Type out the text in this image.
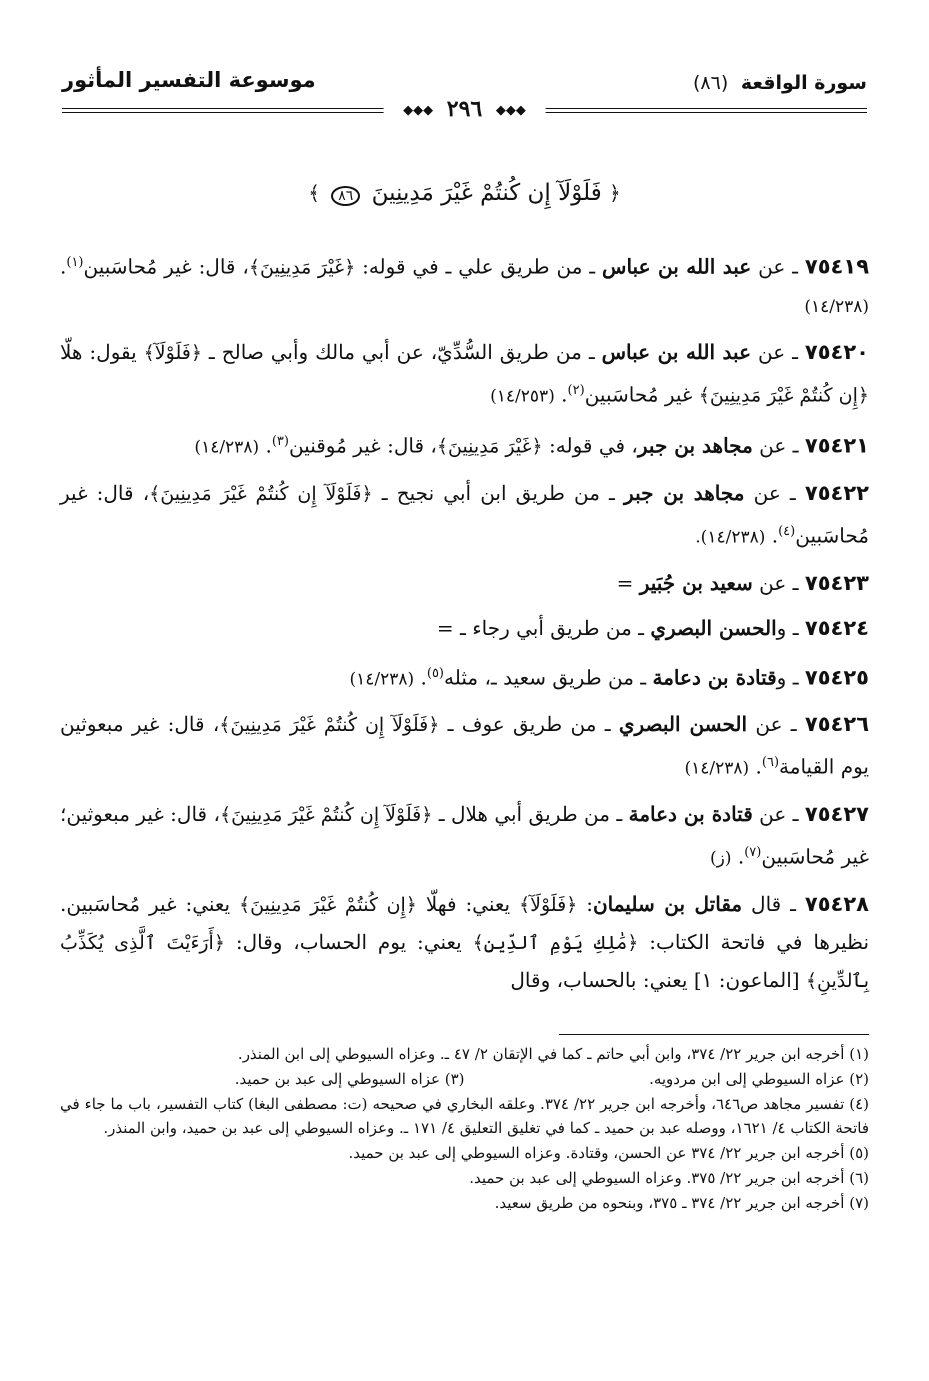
سورة الواقعة (٨٦)
موسوعة التفسير المأثور
◆◆◆ ٢٩٦ ◆◆◆
﴿ فَلَوْلَآ إِن كُنتُمْ غَيْرَ مَدِينِينَ ٨٦ ﴾

٧٥٤١٩ ـ عن عبد الله بن عباس ـ من طريق علي ـ في قوله: ﴿غَيْرَ مَدِينِينَ﴾، قال: غير مُحاسَبين$^{(١)}$. (١٤/٢٣٨)

٧٥٤٢٠ ـ عن عبد الله بن عباس ـ من طريق السُّدِّيّ، عن أبي مالك وأبي صالح ـ ﴿فَلَوْلَآ﴾ يقول: هلّا ﴿إِن كُنتُمْ غَيْرَ مَدِينِينَ﴾ غير مُحاسَبين$^{(٢)}$. (١٤/٢٥٣)

٧٥٤٢١ ـ عن مجاهد بن جبر، في قوله: ﴿غَيْرَ مَدِينِينَ﴾، قال: غير مُوقنين$^{(٣)}$. (١٤/٢٣٨)

٧٥٤٢٢ ـ عن مجاهد بن جبر ـ من طريق ابن أبي نجيح ـ ﴿فَلَوْلَآ إِن كُنتُمْ غَيْرَ مَدِينِينَ﴾، قال: غير مُحاسَبين$^{(٤)}$. (١٤/٢٣٨).

٧٥٤٢٣ ـ عن سعيد بن جُبَير =

٧٥٤٢٤ ـ والحسن البصري ـ من طريق أبي رجاء ـ =

٧٥٤٢٥ ـ وقتادة بن دعامة ـ من طريق سعيد ـ، مثله$^{(٥)}$. (١٤/٢٣٨)

٧٥٤٢٦ ـ عن الحسن البصري ـ من طريق عوف ـ ﴿فَلَوْلَآ إِن كُنتُمْ غَيْرَ مَدِينِينَ﴾، قال: غير مبعوثين يوم القيامة$^{(٦)}$. (١٤/٢٣٨)

٧٥٤٢٧ ـ عن قتادة بن دعامة ـ من طريق أبي هلال ـ ﴿فَلَوْلَآ إِن كُنتُمْ غَيْرَ مَدِينِينَ﴾، قال: غير مبعوثين؛ غير مُحاسَبين$^{(٧)}$. (ز)

٧٥٤٢٨ ـ قال مقاتل بن سليمان: ﴿فَلَوْلَآ﴾ يعني: فهلّا ﴿إِن كُنتُمْ غَيْرَ مَدِينِينَ﴾ يعني: غير مُحاسَبين. نظيرها في فاتحة الكتاب: ﴿مَٰلِكِ يَوْمِ ٱلدِّينِ﴾ يعني: يوم الحساب، وقال: ﴿أَرَءَيْتَ ٱلَّذِى يُكَذِّبُ بِٱلدِّينِ﴾ [الماعون: ١] يعني: بالحساب، وقال

(١) أخرجه ابن جرير ٢٢/ ٣٧٤، وابن أبي حاتم ـ كما في الإتقان ٢/ ٤٧ ـ. وعزاه السيوطي إلى ابن المنذر.
(٢) عزاه السيوطي إلى ابن مردويه.
(٣) عزاه السيوطي إلى عبد بن حميد.
(٤) تفسير مجاهد ص٦٤٦، وأخرجه ابن جرير ٢٢/ ٣٧٤. وعلقه البخاري في صحيحه (ت: مصطفى البغا) كتاب التفسير، باب ما جاء في فاتحة الكتاب ٤/ ١٦٢١، ووصله عبد بن حميد ـ كما في تغليق التعليق ٤/ ١٧١ ـ. وعزاه السيوطي إلى عبد بن حميد، وابن المنذر.
(٥) أخرجه ابن جرير ٢٢/ ٣٧٤ عن الحسن، وقتادة. وعزاه السيوطي إلى عبد بن حميد.
(٦) أخرجه ابن جرير ٢٢/ ٣٧٥. وعزاه السيوطي إلى عبد بن حميد.
(٧) أخرجه ابن جرير ٢٢/ ٣٧٤ ـ ٣٧٥، وبنحوه من طريق سعيد.
